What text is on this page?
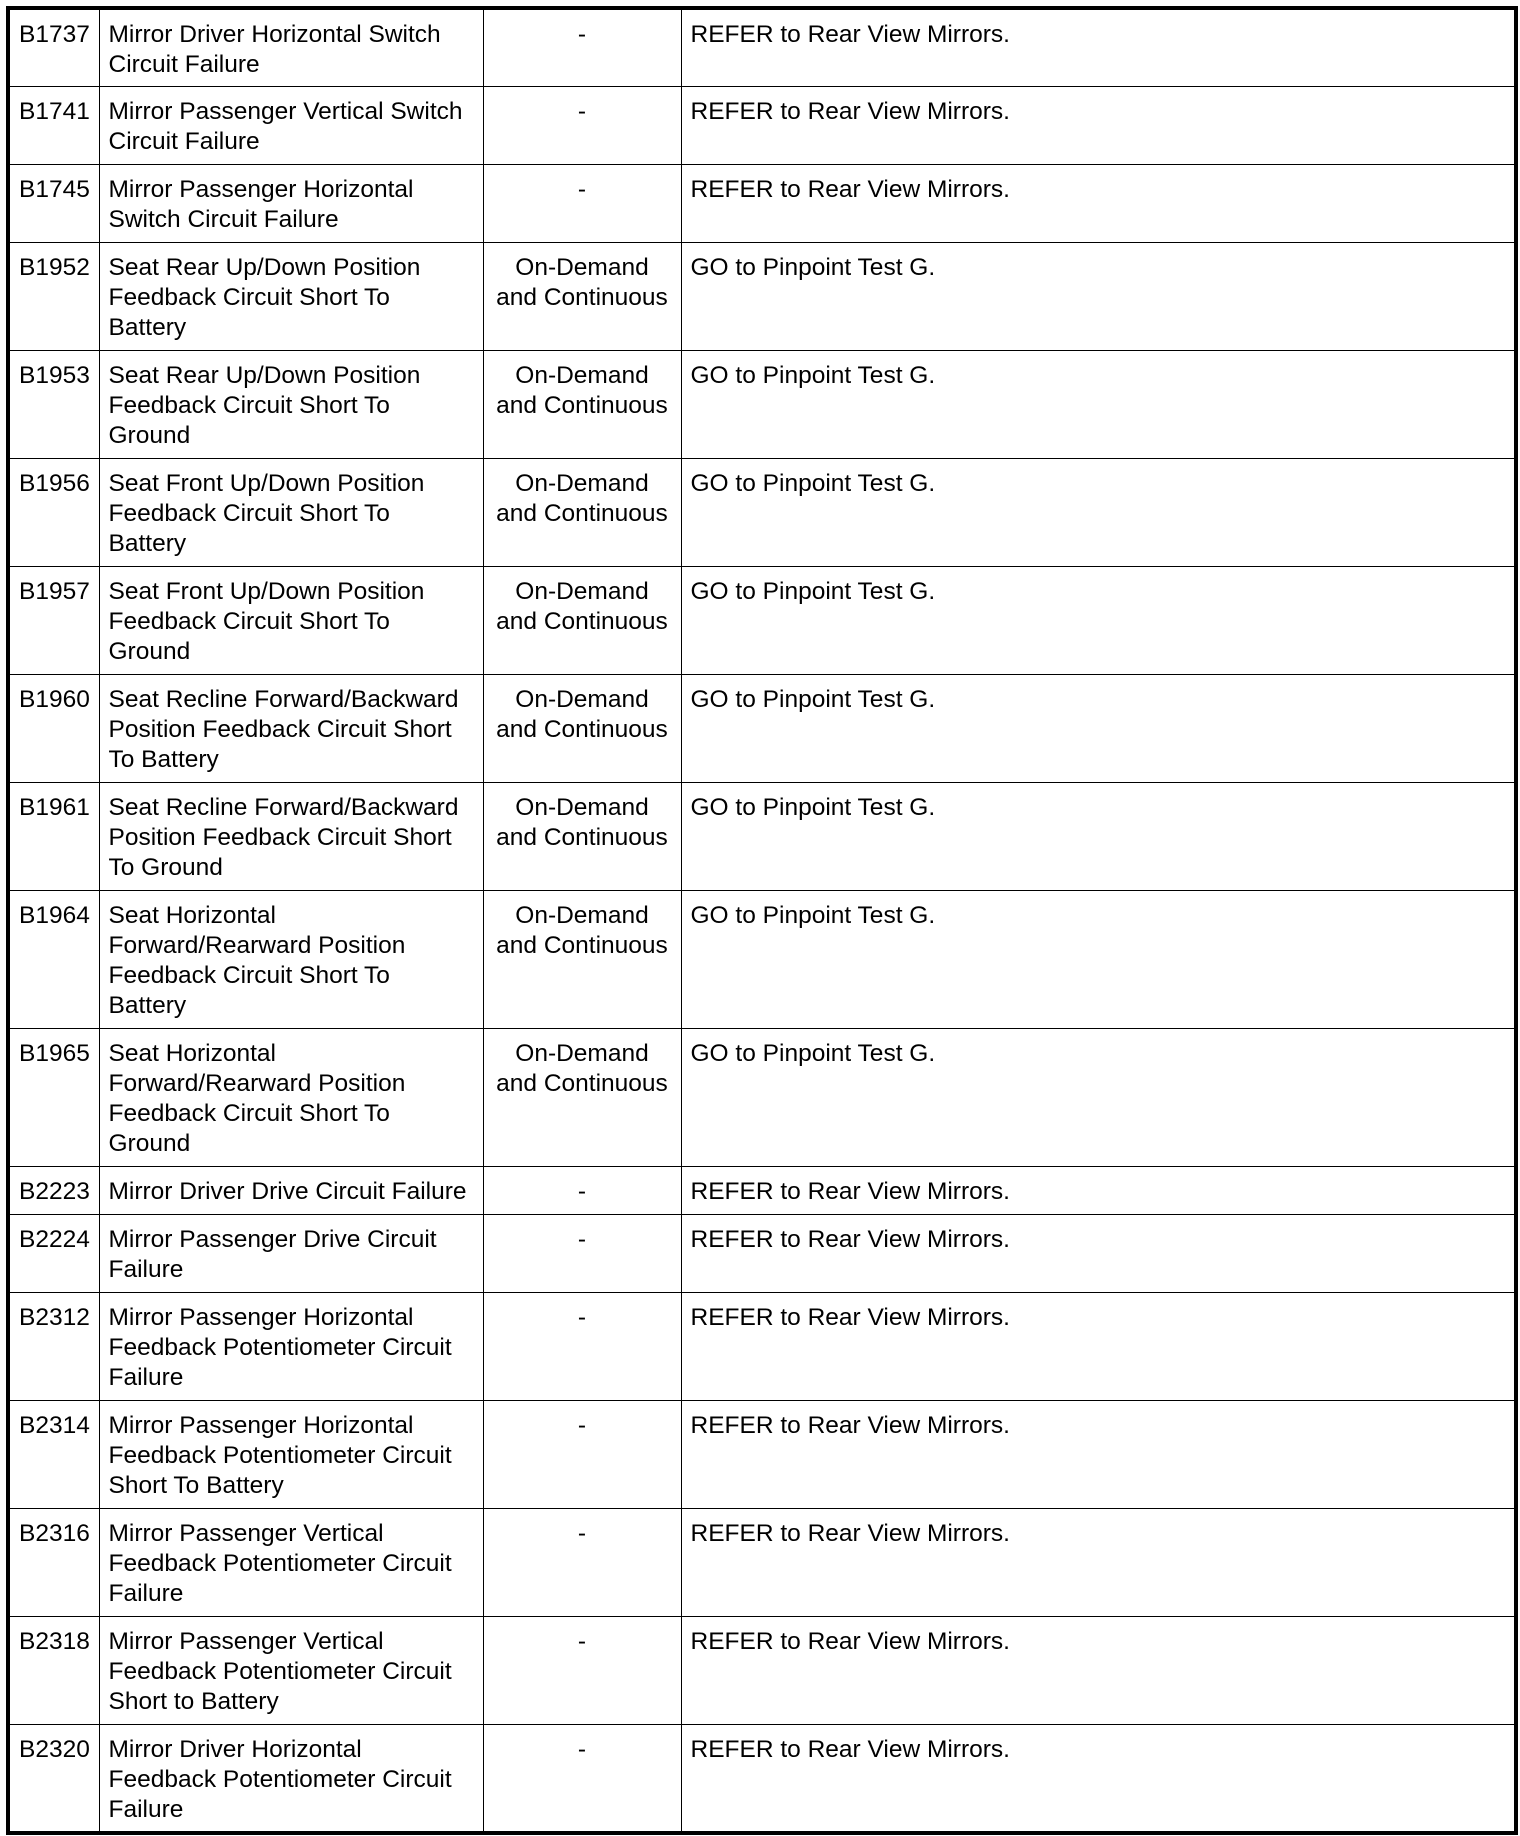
B1737	Mirror Driver Horizontal Switch Circuit Failure	-	REFER to Rear View Mirrors.
B1741	Mirror Passenger Vertical Switch Circuit Failure	-	REFER to Rear View Mirrors.
B1745	Mirror Passenger Horizontal Switch Circuit Failure	-	REFER to Rear View Mirrors.
B1952	Seat Rear Up/Down Position Feedback Circuit Short To Battery	On-Demand and Continuous	GO to Pinpoint Test G.
B1953	Seat Rear Up/Down Position Feedback Circuit Short To Ground	On-Demand and Continuous	GO to Pinpoint Test G.
B1956	Seat Front Up/Down Position Feedback Circuit Short To Battery	On-Demand and Continuous	GO to Pinpoint Test G.
B1957	Seat Front Up/Down Position Feedback Circuit Short To Ground	On-Demand and Continuous	GO to Pinpoint Test G.
B1960	Seat Recline Forward/Backward Position Feedback Circuit Short To Battery	On-Demand and Continuous	GO to Pinpoint Test G.
B1961	Seat Recline Forward/Backward Position Feedback Circuit Short To Ground	On-Demand and Continuous	GO to Pinpoint Test G.
B1964	Seat Horizontal Forward/Rearward Position Feedback Circuit Short To Battery	On-Demand and Continuous	GO to Pinpoint Test G.
B1965	Seat Horizontal Forward/Rearward Position Feedback Circuit Short To Ground	On-Demand and Continuous	GO to Pinpoint Test G.
B2223	Mirror Driver Drive Circuit Failure	-	REFER to Rear View Mirrors.
B2224	Mirror Passenger Drive Circuit Failure	-	REFER to Rear View Mirrors.
B2312	Mirror Passenger Horizontal Feedback Potentiometer Circuit Failure	-	REFER to Rear View Mirrors.
B2314	Mirror Passenger Horizontal Feedback Potentiometer Circuit Short To Battery	-	REFER to Rear View Mirrors.
B2316	Mirror Passenger Vertical Feedback Potentiometer Circuit Failure	-	REFER to Rear View Mirrors.
B2318	Mirror Passenger Vertical Feedback Potentiometer Circuit Short to Battery	-	REFER to Rear View Mirrors.
B2320	Mirror Driver Horizontal Feedback Potentiometer Circuit Failure	-	REFER to Rear View Mirrors.
